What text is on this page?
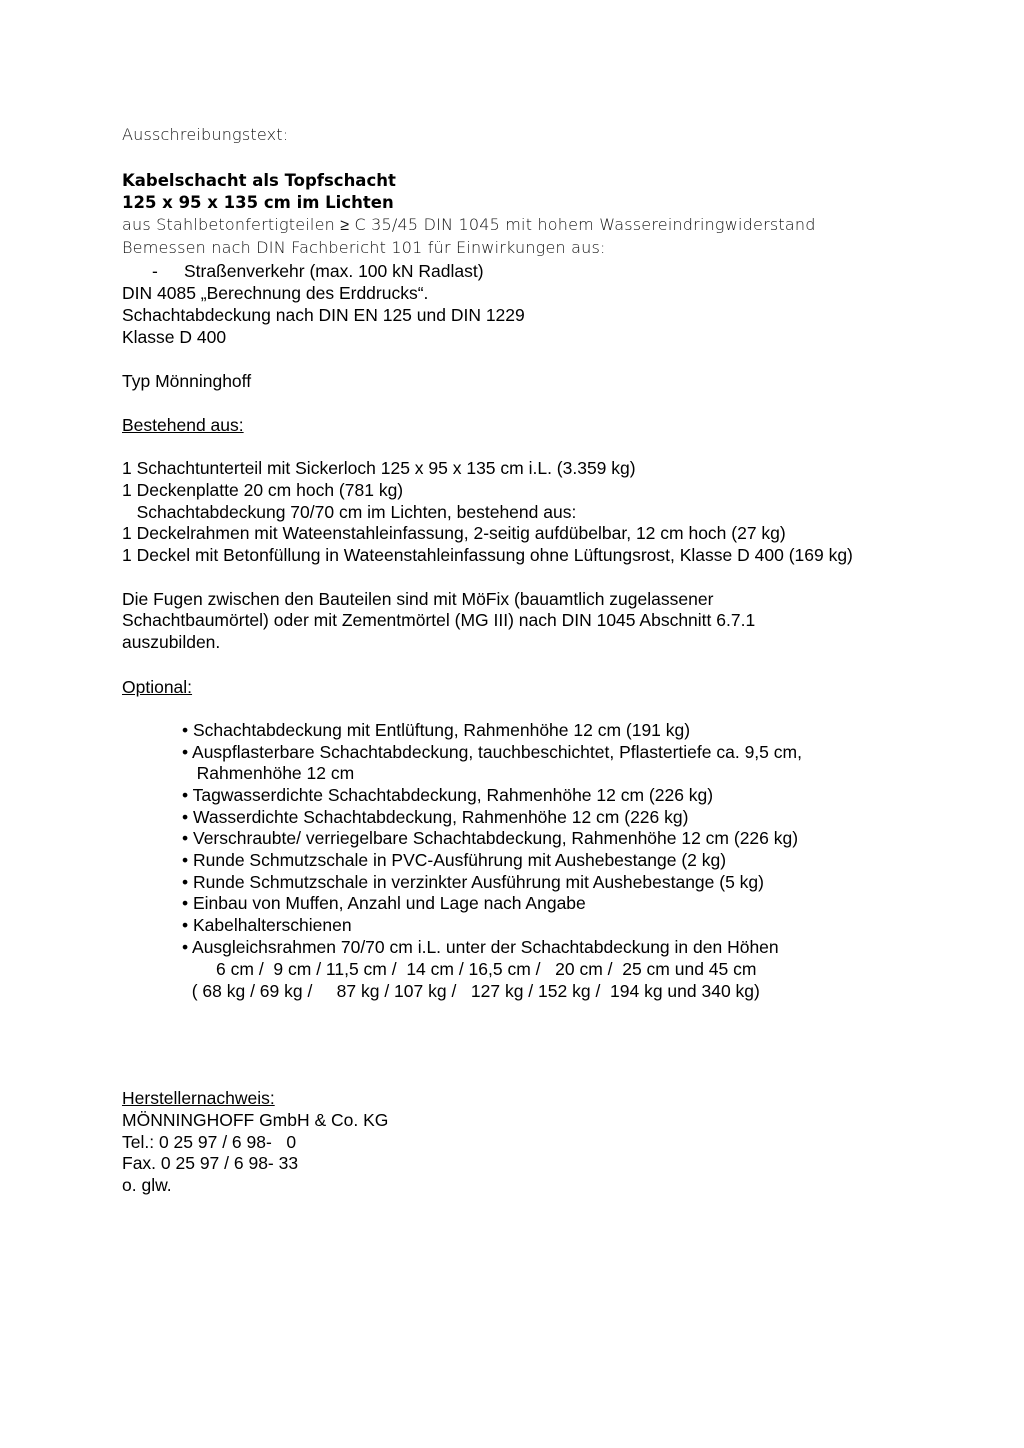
Ausschreibungstext:
Kabelschacht als Topfschacht
125 x 95 x 135 cm im Lichten
aus Stahlbetonfertigteilen ≥ C 35/45 DIN 1045 mit hohem Wassereindringwiderstand
Bemessen nach DIN Fachbericht 101 für Einwirkungen aus:
- Straßenverkehr (max. 100 kN Radlast)
DIN 4085 „Berechnung des Erddrucks“.
Schachtabdeckung nach DIN EN 125 und DIN 1229
Klasse D 400
Typ Mönninghoff
Bestehend aus:
1 Schachtunterteil mit Sickerloch 125 x 95 x 135 cm i.L. (3.359 kg)
1 Deckenplatte 20 cm hoch (781 kg)
Schachtabdeckung 70/70 cm im Lichten, bestehend aus:
1 Deckelrahmen mit Wateenstahleinfassung, 2-seitig aufdübelbar, 12 cm hoch (27 kg)
1 Deckel mit Betonfüllung in Wateenstahleinfassung ohne Lüftungsrost, Klasse D 400 (169 kg)
Die Fugen zwischen den Bauteilen sind mit MöFix (bauamtlich zugelassener
Schachtbaumörtel) oder mit Zementmörtel (MG III) nach DIN 1045 Abschnitt 6.7.1
auszubilden.
Optional:
• Schachtabdeckung mit Entlüftung, Rahmenhöhe 12 cm (191 kg)
• Auspflasterbare Schachtabdeckung, tauchbeschichtet, Pflastertiefe ca. 9,5 cm,
Rahmenhöhe 12 cm
• Tagwasserdichte Schachtabdeckung, Rahmenhöhe 12 cm (226 kg)
• Wasserdichte Schachtabdeckung, Rahmenhöhe 12 cm (226 kg)
• Verschraubte/ verriegelbare Schachtabdeckung, Rahmenhöhe 12 cm (226 kg)
• Runde Schmutzschale in PVC-Ausführung mit Aushebestange (2 kg)
• Runde Schmutzschale in verzinkter Ausführung mit Aushebestange (5 kg)
• Einbau von Muffen, Anzahl und Lage nach Angabe
• Kabelhalterschienen
• Ausgleichsrahmen 70/70 cm i.L. unter der Schachtabdeckung in den Höhen
6 cm /  9 cm / 11,5 cm /  14 cm / 16,5 cm /   20 cm /  25 cm und 45 cm
( 68 kg / 69 kg /     87 kg / 107 kg /   127 kg / 152 kg /  194 kg und 340 kg)
Herstellernachweis:
MÖNNINGHOFF GmbH & Co. KG
Tel.: 0 25 97 / 6 98-   0
Fax. 0 25 97 / 6 98- 33
o. glw.
